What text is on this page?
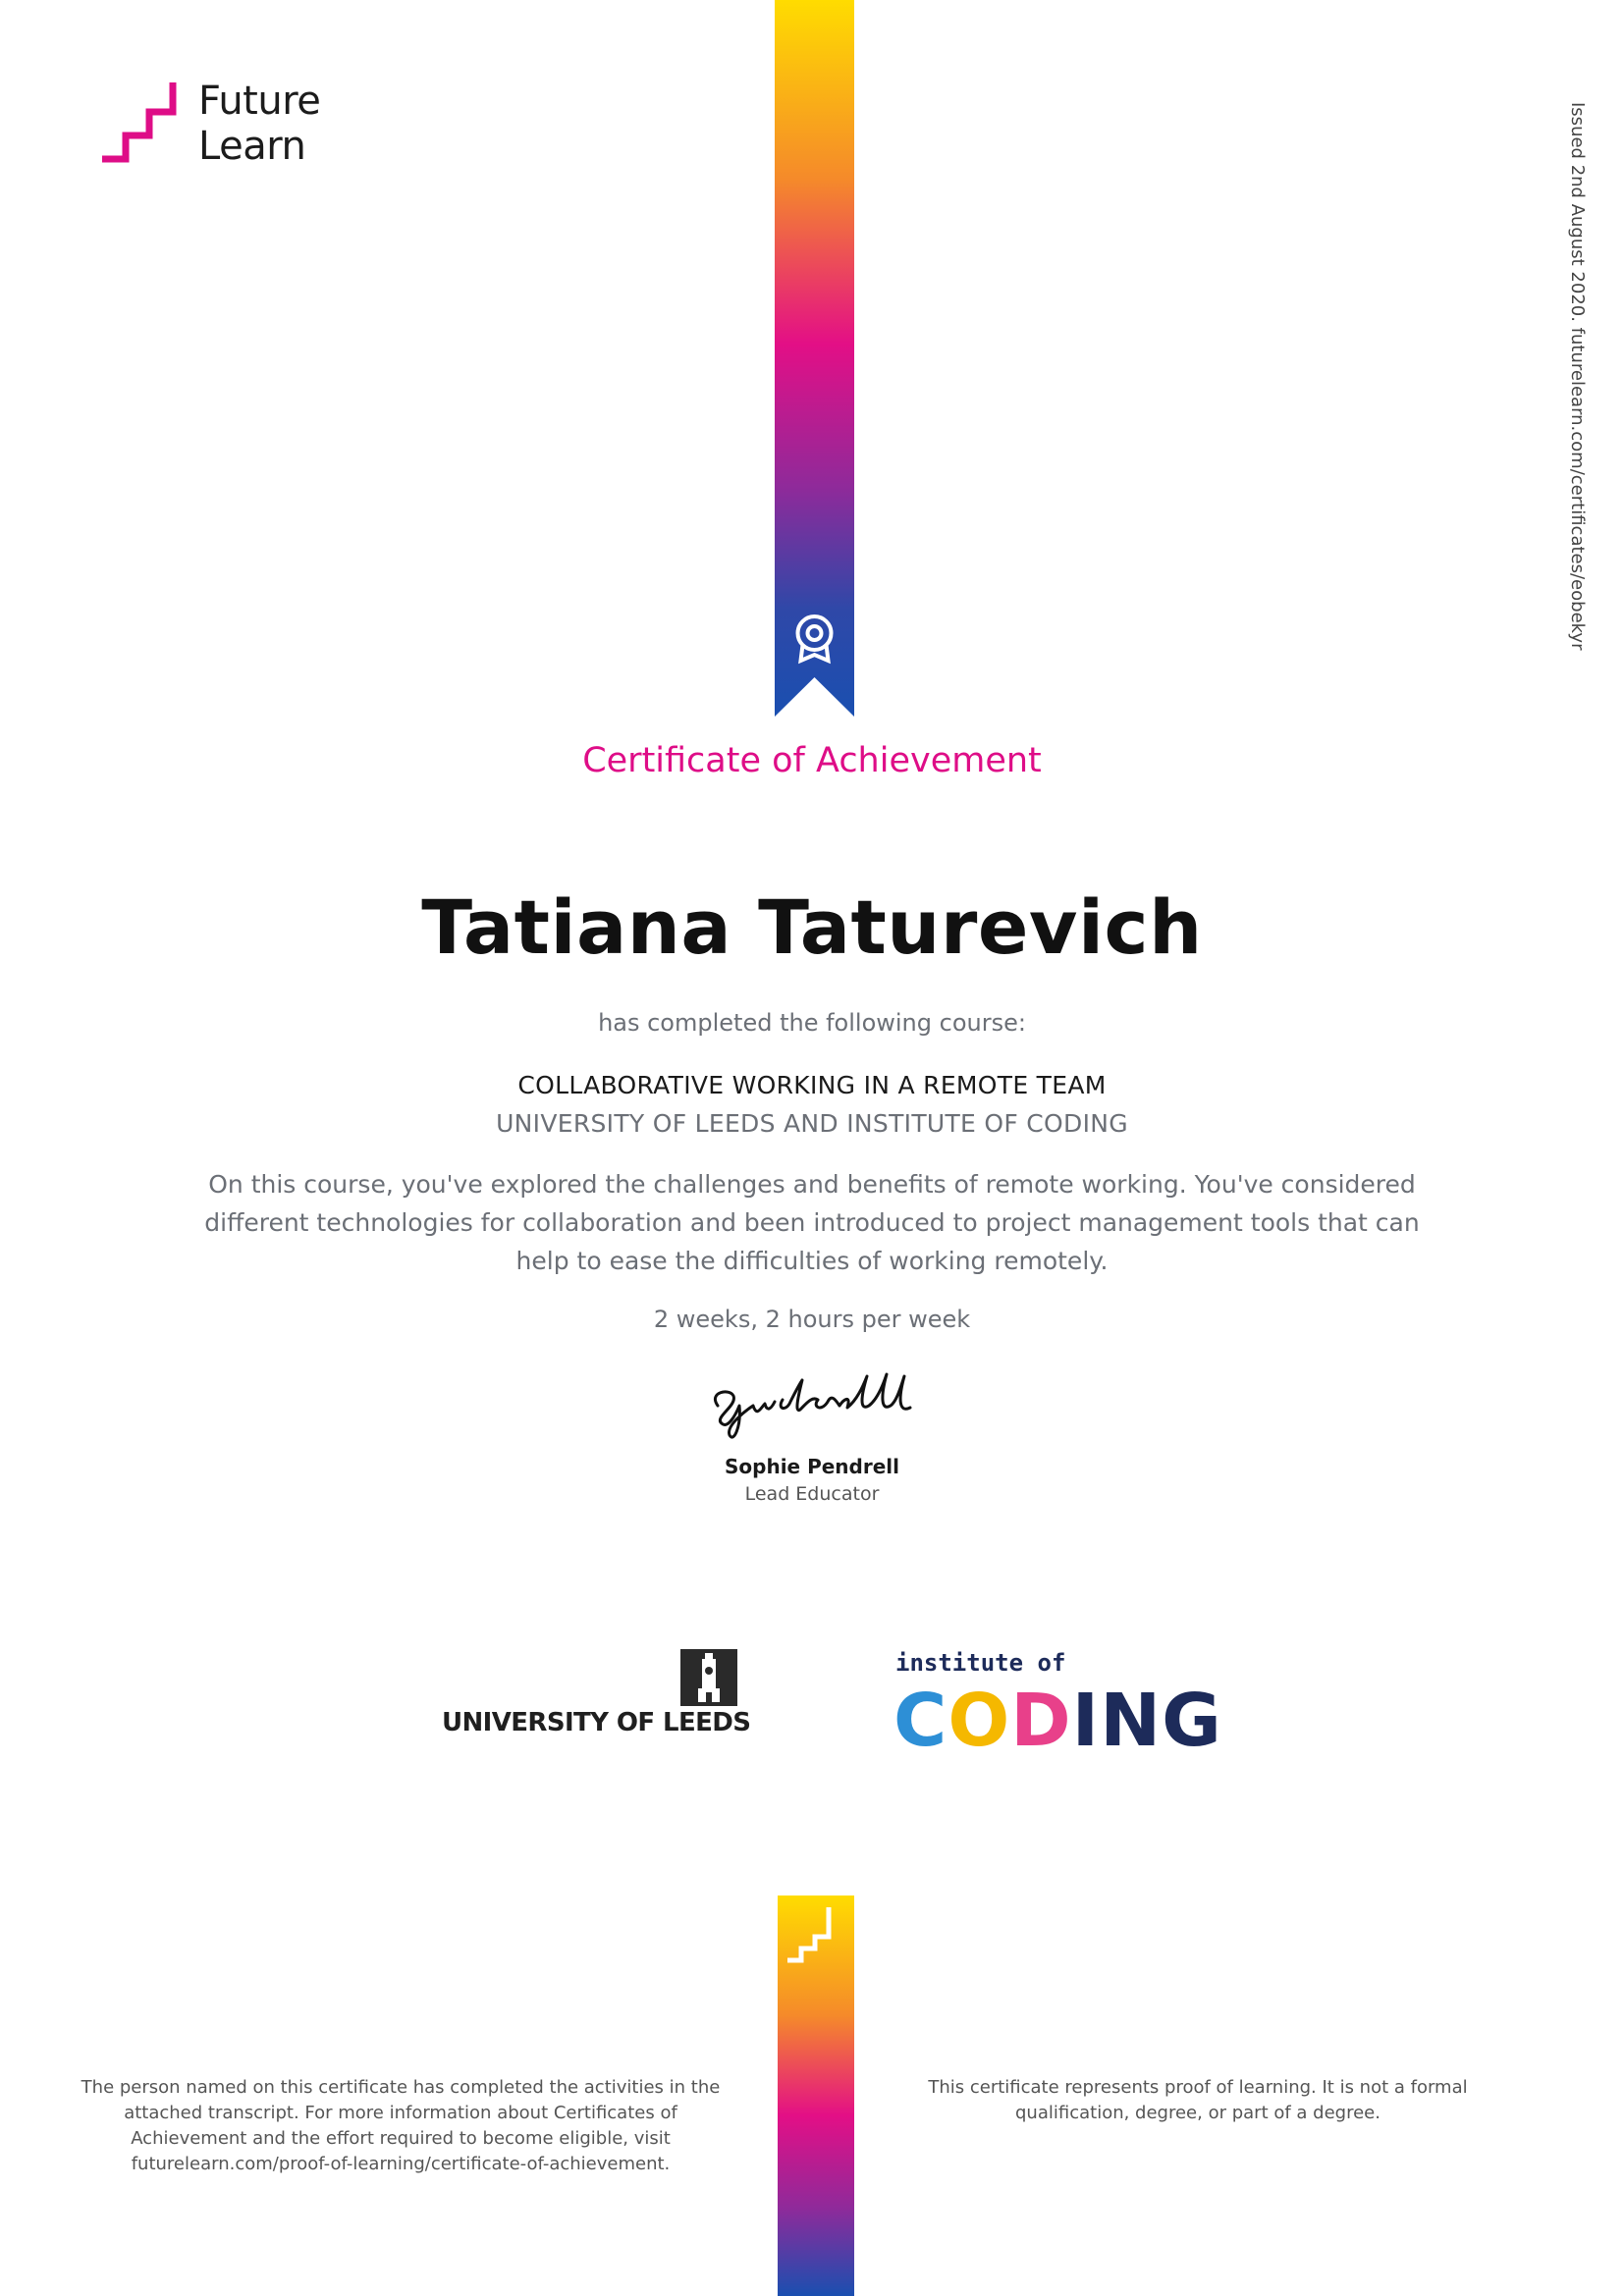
Future
Learn	Issued 2nd August 2020. futurelearn.com/certificates/eobekyr
Certificate of Achievement
Tatiana Taturevich
has completed the following course:
COLLABORATIVE WORKING IN A REMOTE TEAM
UNIVERSITY OF LEEDS AND INSTITUTE OF CODING
On this course, you've explored the challenges and benefits of remote working. You've considered different technologies for collaboration and been introduced to project management tools that can help to ease the difficulties of working remotely.
2 weeks, 2 hours per week
Sophie Pendrell
Lead Educator
UNIVERSITY OF LEEDS
institute of
C O D I N G
The person named on this certificate has completed the activities in the attached transcript. For more information about Certificates of Achievement and the effort required to become eligible, visit futurelearn.com/proof-of-learning/certificate-of-achievement.
This certificate represents proof of learning. It is not a formal qualification, degree, or part of a degree.
